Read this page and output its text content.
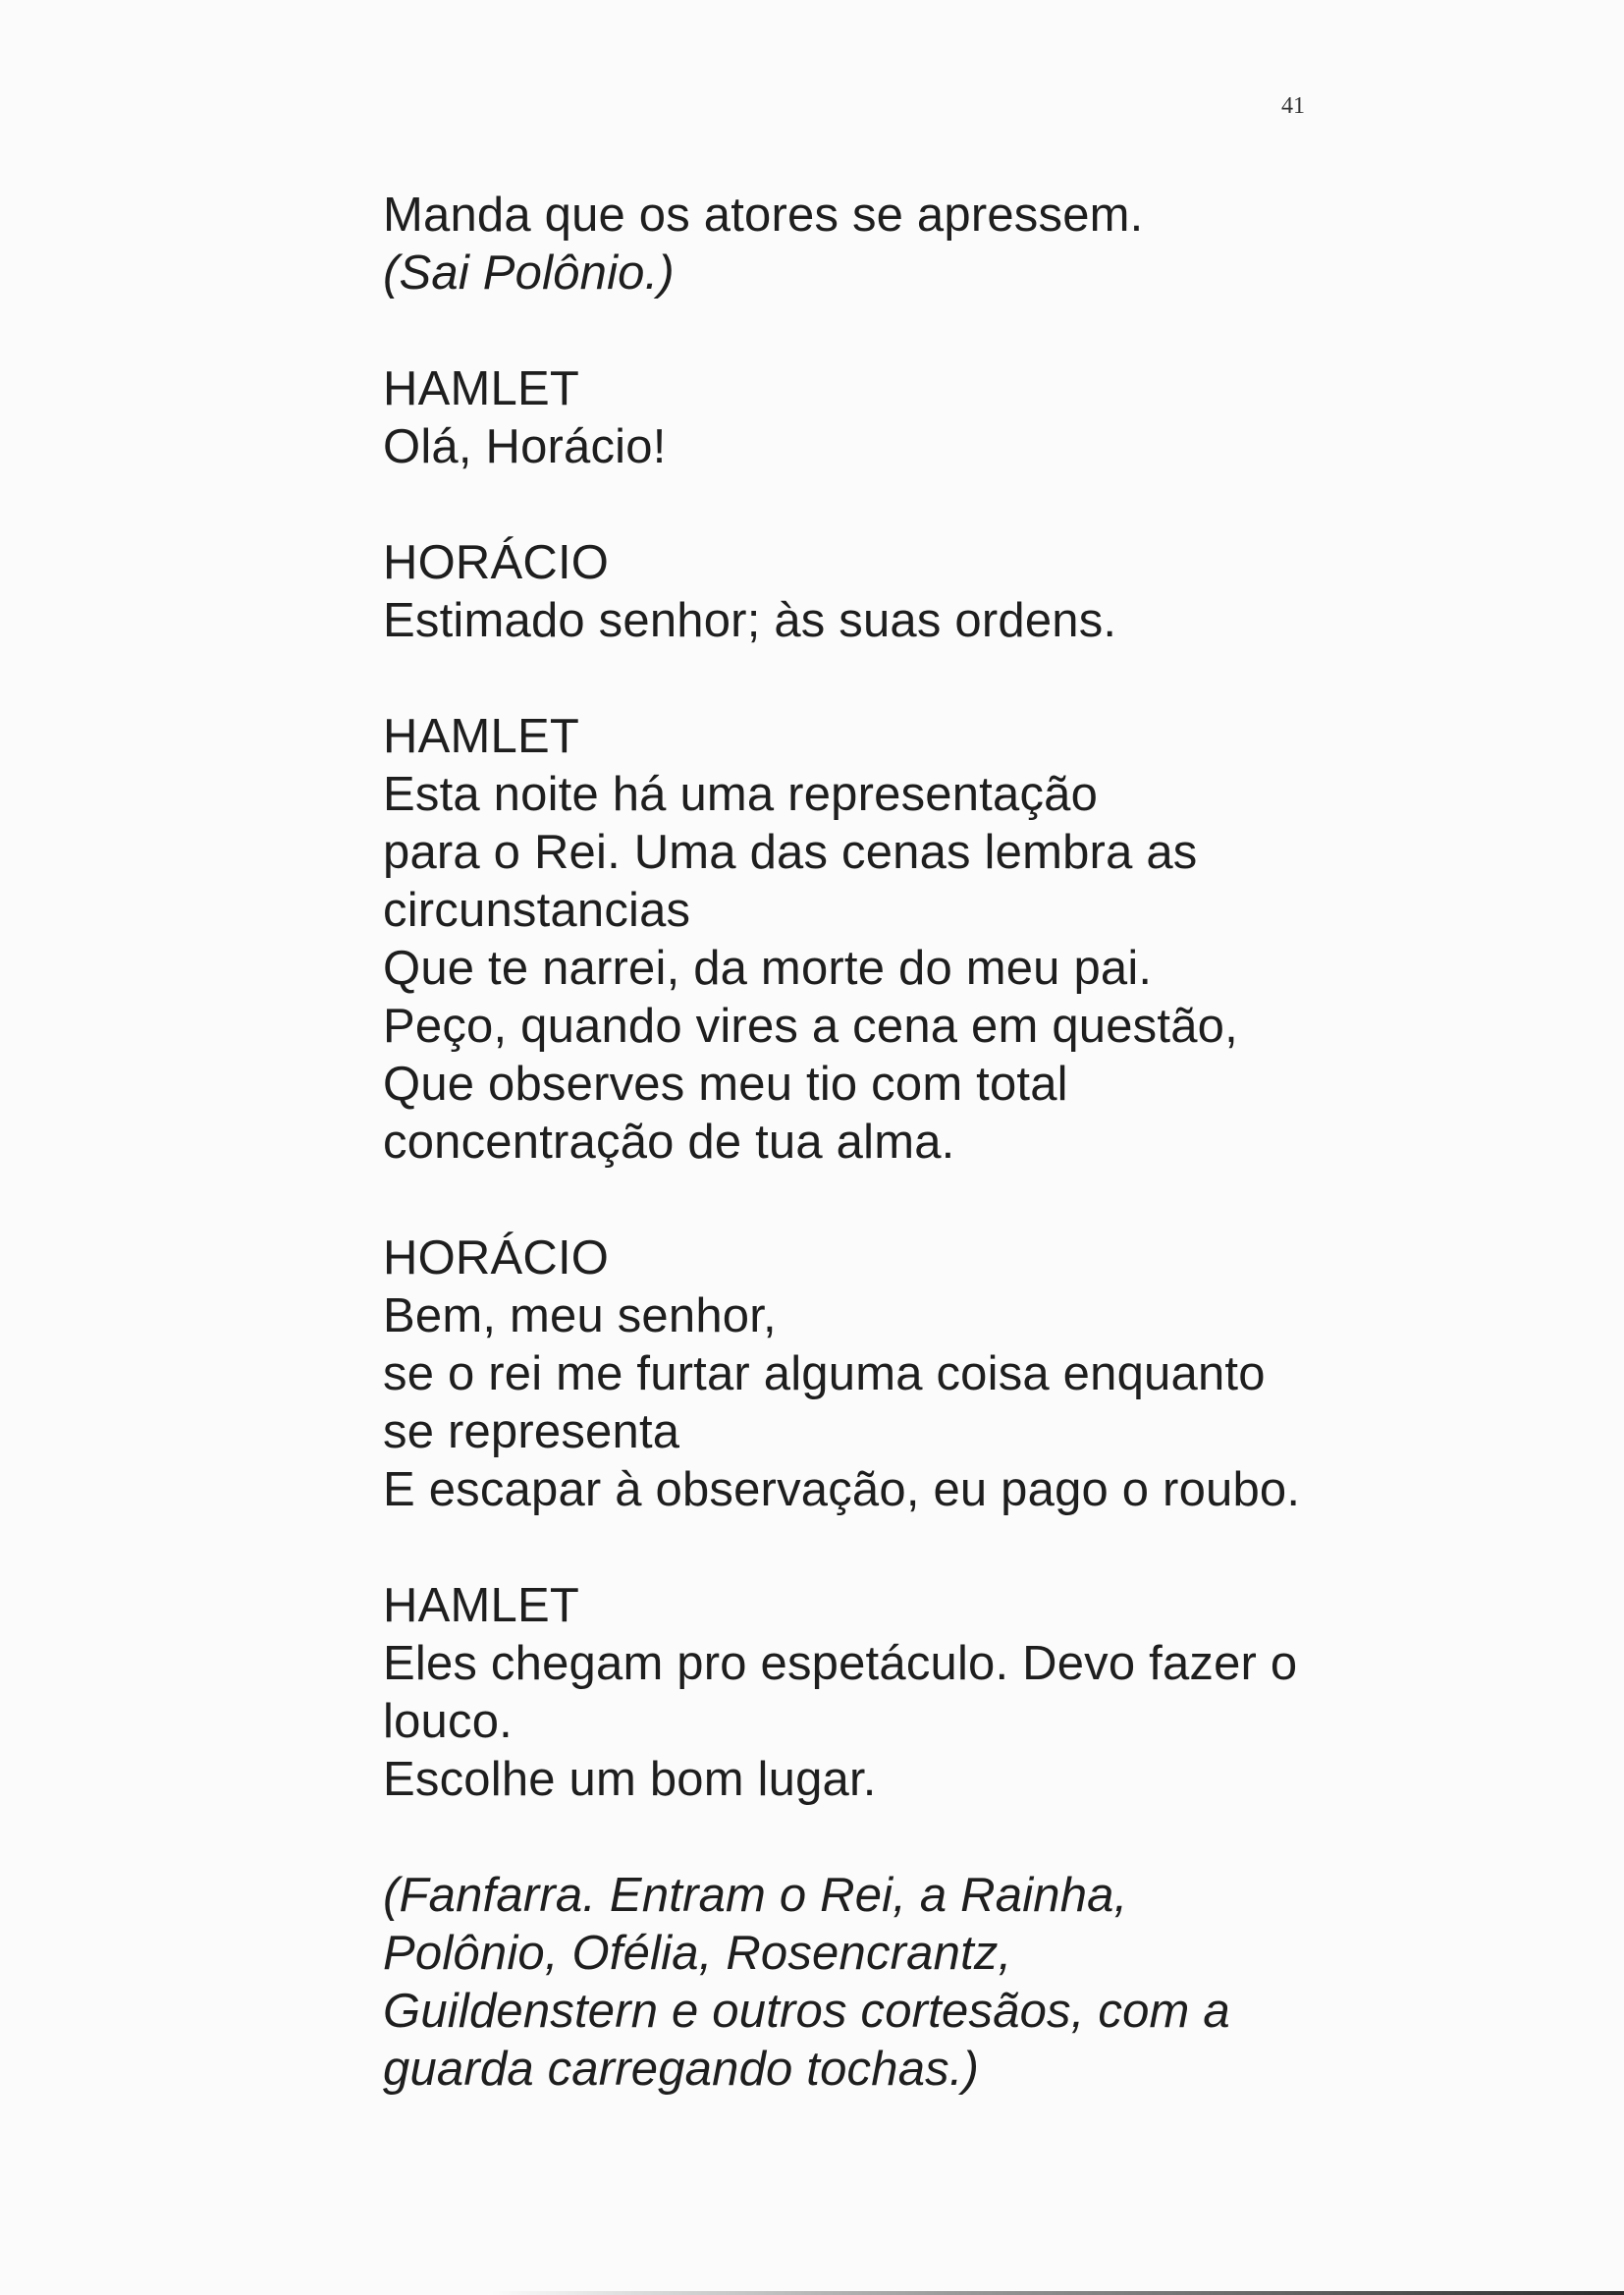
41
Manda que os atores se apressem.
(Sai Polônio.)
HAMLET
Olá, Horácio!
HORÁCIO
Estimado senhor; às suas ordens.
HAMLET
Esta noite há uma representação
para o Rei. Uma das cenas lembra as
circunstancias
Que te narrei, da morte do meu pai.
Peço, quando vires a cena em questão,
Que observes meu tio com total
concentração de tua alma.
HORÁCIO
Bem, meu senhor,
se o rei me furtar alguma coisa enquanto
se representa
E escapar à observação, eu pago o roubo.
HAMLET
Eles chegam pro espetáculo. Devo fazer o
louco.
Escolhe um bom lugar.
(Fanfarra. Entram o Rei, a Rainha,
Polônio, Ofélia, Rosencrantz,
Guildenstern e outros cortesãos, com a
guarda carregando tochas.)
